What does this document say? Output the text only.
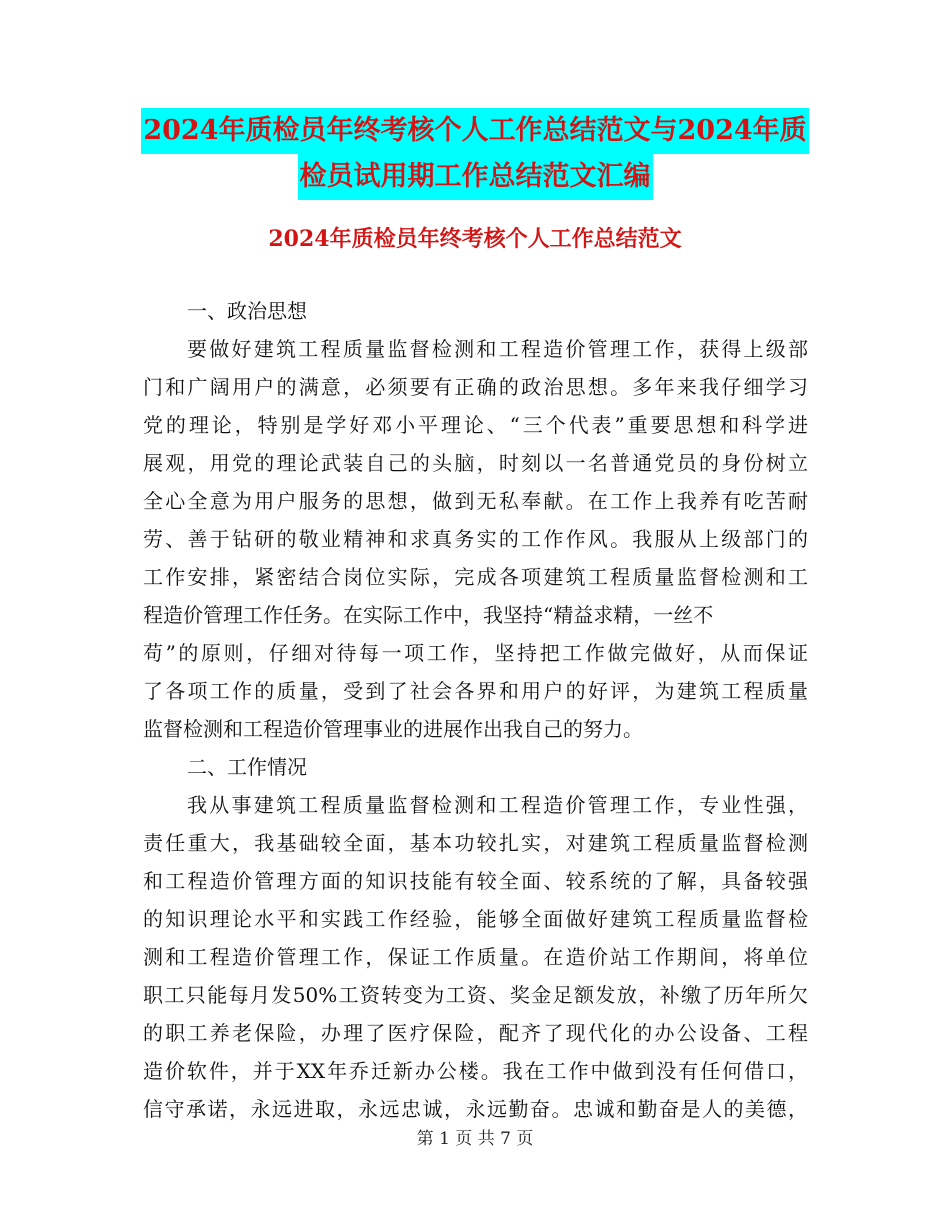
2024年质检员年终考核个人工作总结范文与2024年质
检员试用期工作总结范文汇编
2024年质检员年终考核个人工作总结范文
一、政治思想
要做好建筑工程质量监督检测和工程造价管理工作，获得上级部
门和广阔用户的满意，必须要有正确的政治思想。多年来我仔细学习
党的理论，特别是学好邓小平理论、“三个代表”重要思想和科学进
展观，用党的理论武装自己的头脑，时刻以一名普通党员的身份树立
全心全意为用户服务的思想，做到无私奉献。在工作上我养有吃苦耐
劳、善于钻研的敬业精神和求真务实的工作作风。我服从上级部门的
工作安排，紧密结合岗位实际，完成各项建筑工程质量监督检测和工
程造价管理工作任务。在实际工作中，我坚持“精益求精，一丝不
苟”的原则，仔细对待每一项工作，坚持把工作做完做好，从而保证
了各项工作的质量，受到了社会各界和用户的好评，为建筑工程质量
监督检测和工程造价管理事业的进展作出我自己的努力。
二、工作情况
我从事建筑工程质量监督检测和工程造价管理工作，专业性强，
责任重大，我基础较全面，基本功较扎实，对建筑工程质量监督检测
和工程造价管理方面的知识技能有较全面、较系统的了解，具备较强
的知识理论水平和实践工作经验，能够全面做好建筑工程质量监督检
测和工程造价管理工作，保证工作质量。在造价站工作期间，将单位
职工只能每月发50%工资转变为工资、奖金足额发放，补缴了历年所欠
的职工养老保险，办理了医疗保险，配齐了现代化的办公设备、工程
造价软件，并于XX年乔迁新办公楼。我在工作中做到没有任何借口，
信守承诺，永远进取，永远忠诚，永远勤奋。忠诚和勤奋是人的美德，
第 1 页 共 7 页
